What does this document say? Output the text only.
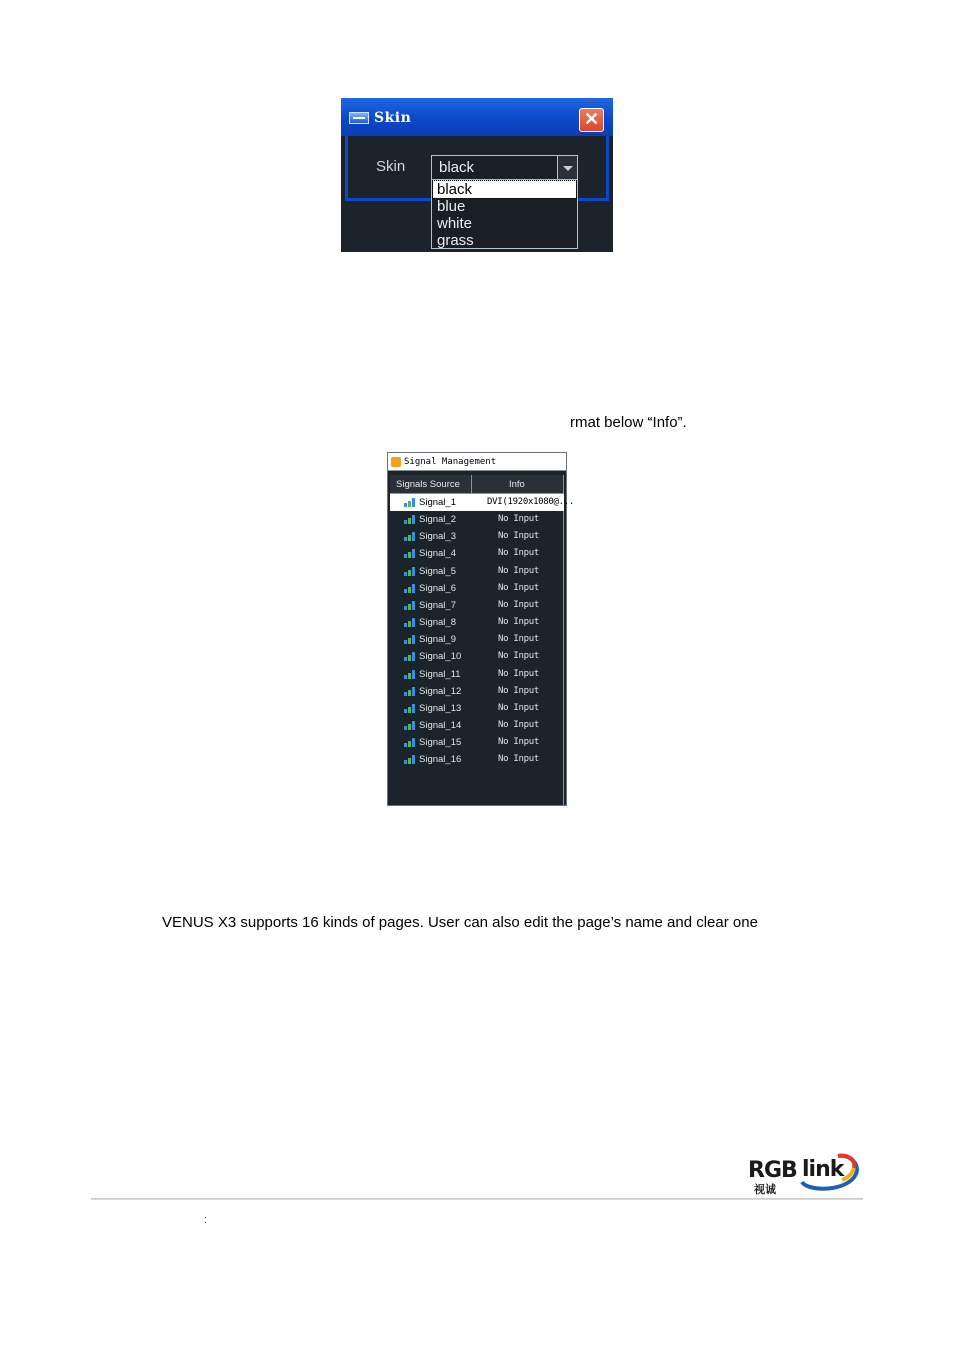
Skin	✕
Skin black
black
blue
white
grass
rmat below “Info”.
Signal Management
Signals Source	Info
Signal_1	DVI(1920x1080@...
Signal_2	No Input
Signal_3	No Input
Signal_4	No Input
Signal_5	No Input
Signal_6	No Input
Signal_7	No Input
Signal_8	No Input
Signal_9	No Input
Signal_10	No Input
Signal_11	No Input
Signal_12	No Input
Signal_13	No Input
Signal_14	No Input
Signal_15	No Input
Signal_16	No Input
VENUS X3 supports 16 kinds of pages. User can also edit the page’s name and clear one
RGB link
视诚
:
